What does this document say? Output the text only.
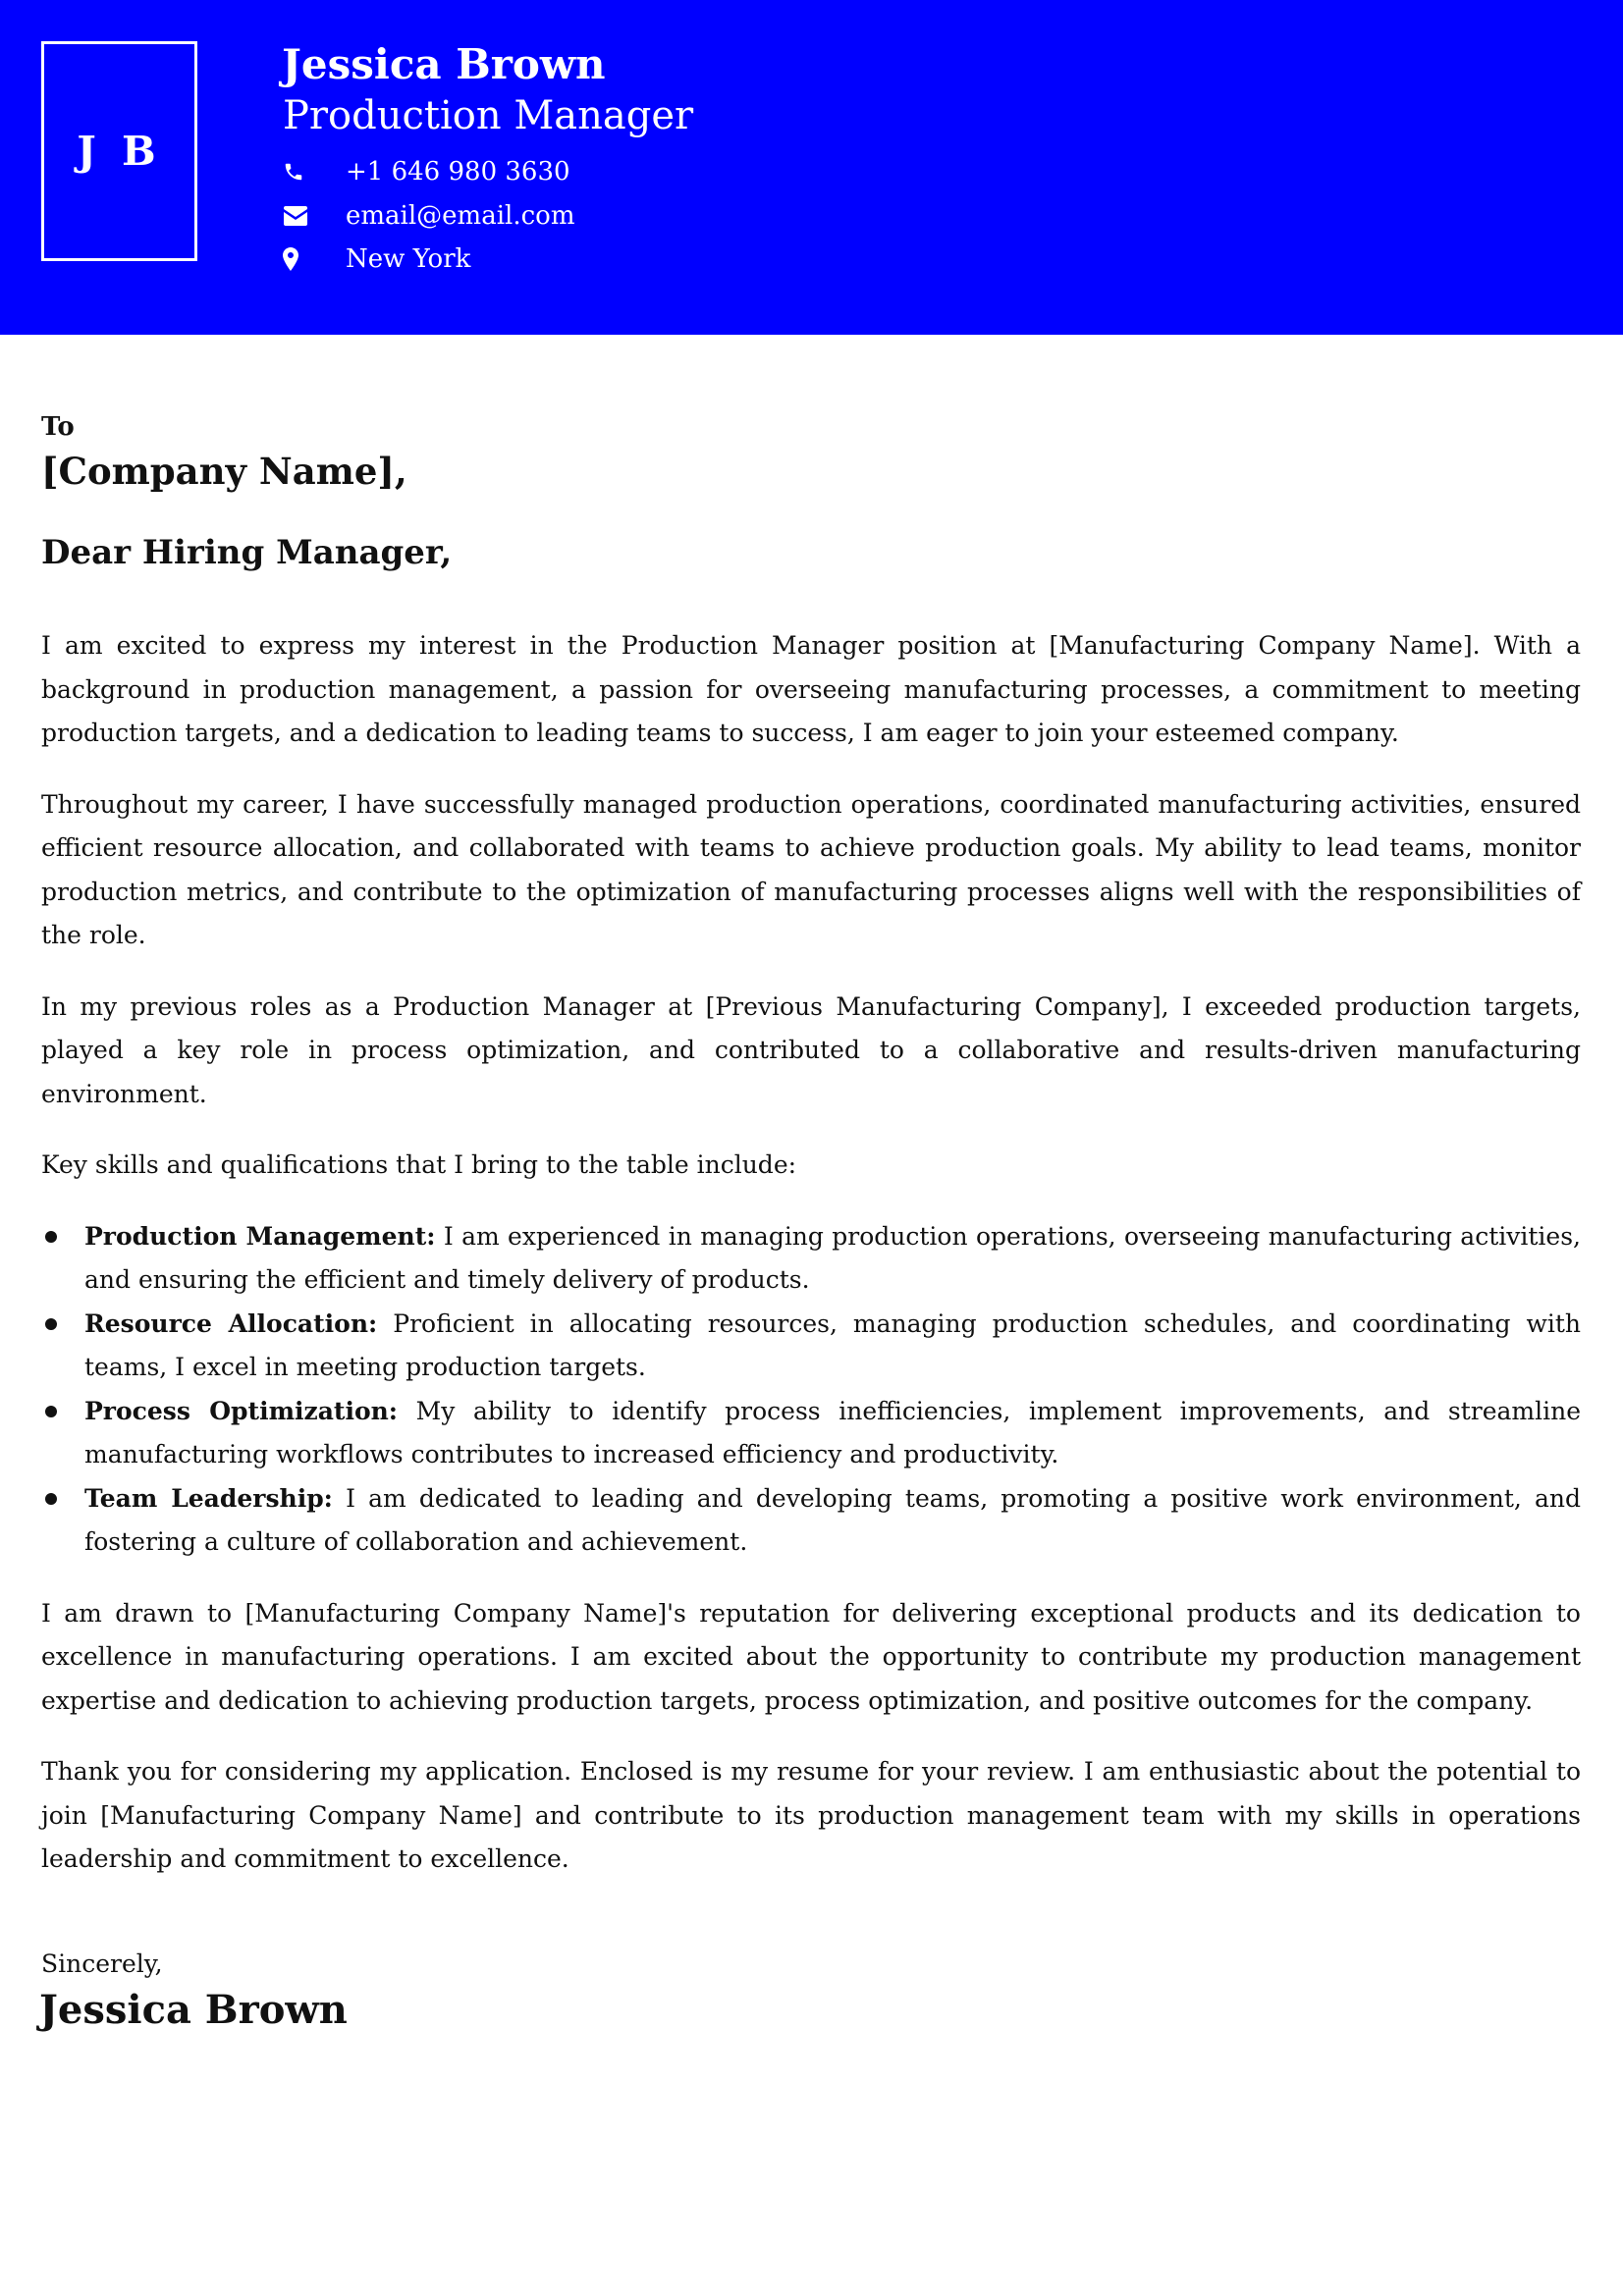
J B
Jessica Brown
Production Manager
+1 646 980 3630
email@email.com
New York

To

[Company Name],

Dear Hiring Manager,

I am excited to express my interest in the Production Manager position at [Manufacturing Company Name]. With a background in production management, a passion for overseeing manufacturing processes, a commitment to meeting production targets, and a dedication to leading teams to success, I am eager to join your esteemed company.

Throughout my career, I have successfully managed production operations, coordinated manufacturing activities, ensured efficient resource allocation, and collaborated with teams to achieve production goals. My ability to lead teams, monitor production metrics, and contribute to the optimization of manufacturing processes aligns well with the responsibilities of the role.

In my previous roles as a Production Manager at [Previous Manufacturing Company], I exceeded production targets, played a key role in process optimization, and contributed to a collaborative and results-driven manufacturing environment.

Key skills and qualifications that I bring to the table include:

Production Management: I am experienced in managing production operations, overseeing manufacturing activities, and ensuring the efficient and timely delivery of products.
Resource Allocation: Proficient in allocating resources, managing production schedules, and coordinating with teams, I excel in meeting production targets.
Process Optimization: My ability to identify process inefficiencies, implement improvements, and streamline manufacturing workflows contributes to increased efficiency and productivity.
Team Leadership: I am dedicated to leading and developing teams, promoting a positive work environment, and fostering a culture of collaboration and achievement.

I am drawn to [Manufacturing Company Name]'s reputation for delivering exceptional products and its dedication to excellence in manufacturing operations. I am excited about the opportunity to contribute my production management expertise and dedication to achieving production targets, process optimization, and positive outcomes for the company.

Thank you for considering my application. Enclosed is my resume for your review. I am enthusiastic about the potential to join [Manufacturing Company Name] and contribute to its production management team with my skills in operations leadership and commitment to excellence.

Sincerely,

Jessica Brown
